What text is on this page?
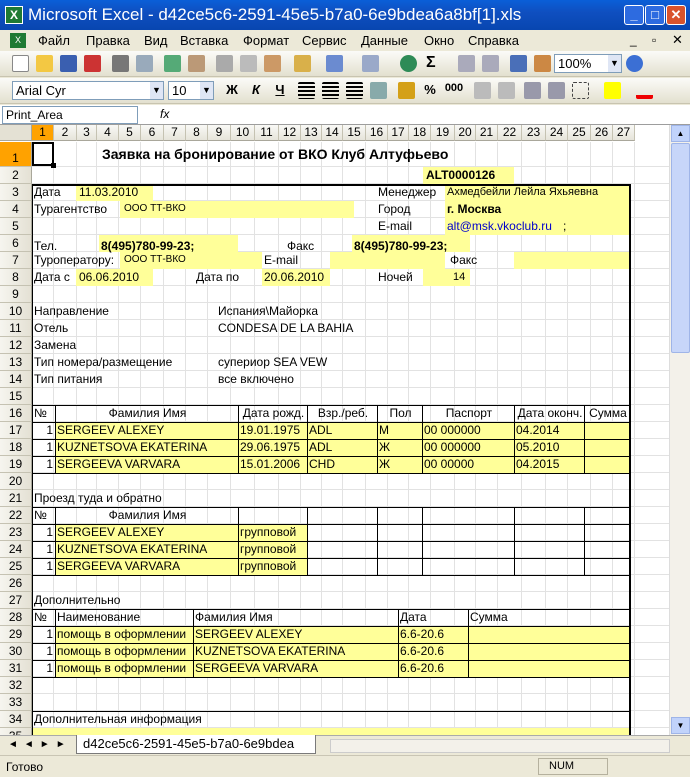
X Microsoft Excel - d42ce5c6-2591-45e5-b7a0-6e9bdea6a8bf[1].xls	_	□ ✕
X	Файл Правка Вид Вставка Формат Сервис Данные Окно Справка	_ ▫ ✕
Σ	100% ▼
Arial Cyr	▼ 10 ▼	Ж	К	Ч	% 000
Print_Area	fx
1	2	3	4	5	6	7	8	9	10 11 12 13 14 15 16 17 18 19 20 21 22 23 24 25 26 27
1
2
3
4
5
6
7
8
9
10
11
12
13
14
15
16
17
18
19
20
21
22
23
24
25
26
27
28
29
30
31
32
33
34
Заявка на бронирование от ВКО Клуб Алтуфьево
ALT0000126
Дата 11.03.2010	Менеджер Ахмедбейли Лейла Яхьяевна
Турагентство ООО ТТ-ВКО	Город	г. Москва
E-mail	alt@msk.vkoclub.ru ;
Тел.	8(495)780-99-23;	Факс	8(495)780-99-23;
Туроператору: ООО ТТ-ВКО	E-mail	Факс
Дата с 06.06.2010	Дата по 20.06.2010	Ночей	14
Направление	Испания\Майорка
Отель	CONDESA DE LA BAHIA
Замена
Тип номера/размещение	супериор SEA VEW
Тип питания	все включено
№	Фамилия Имя	Дата рожд.	Взр./реб.	Пол	Паспорт	Дата оконч. Сумма
1 SERGEEV ALEXEY	19.01.1975 ADL	М	00 000000	04.2014
1 KUZNETSOVA EKATERINA	29.06.1975 ADL	Ж	00 000000	05.2010
1 SERGEEVA VARVARA	15.01.2006 CHD	Ж	00 00000	04.2015
Проезд туда и обратно
№	Фамилия Имя
1 SERGEEV ALEXEY	групповой
1 KUZNETSOVA EKATERINA	групповой
1 SERGEEVA VARVARA	групповой
Дополнительно
№ Наименование	Фамилия Имя	Дата	Сумма
1 помощь в оформлении SERGEEV ALEXEY	6.6-20.6
1 помощь в оформлении KUZNETSOVA EKATERINA	6.6-20.6
1 помощь в оформлении SERGEEVA VARVARA	6.6-20.6
Дополнительная информация
▲
▼
◄◄►► d42ce5c6-2591-45e5-b7a0-6e9bdea
Готово	NUM
